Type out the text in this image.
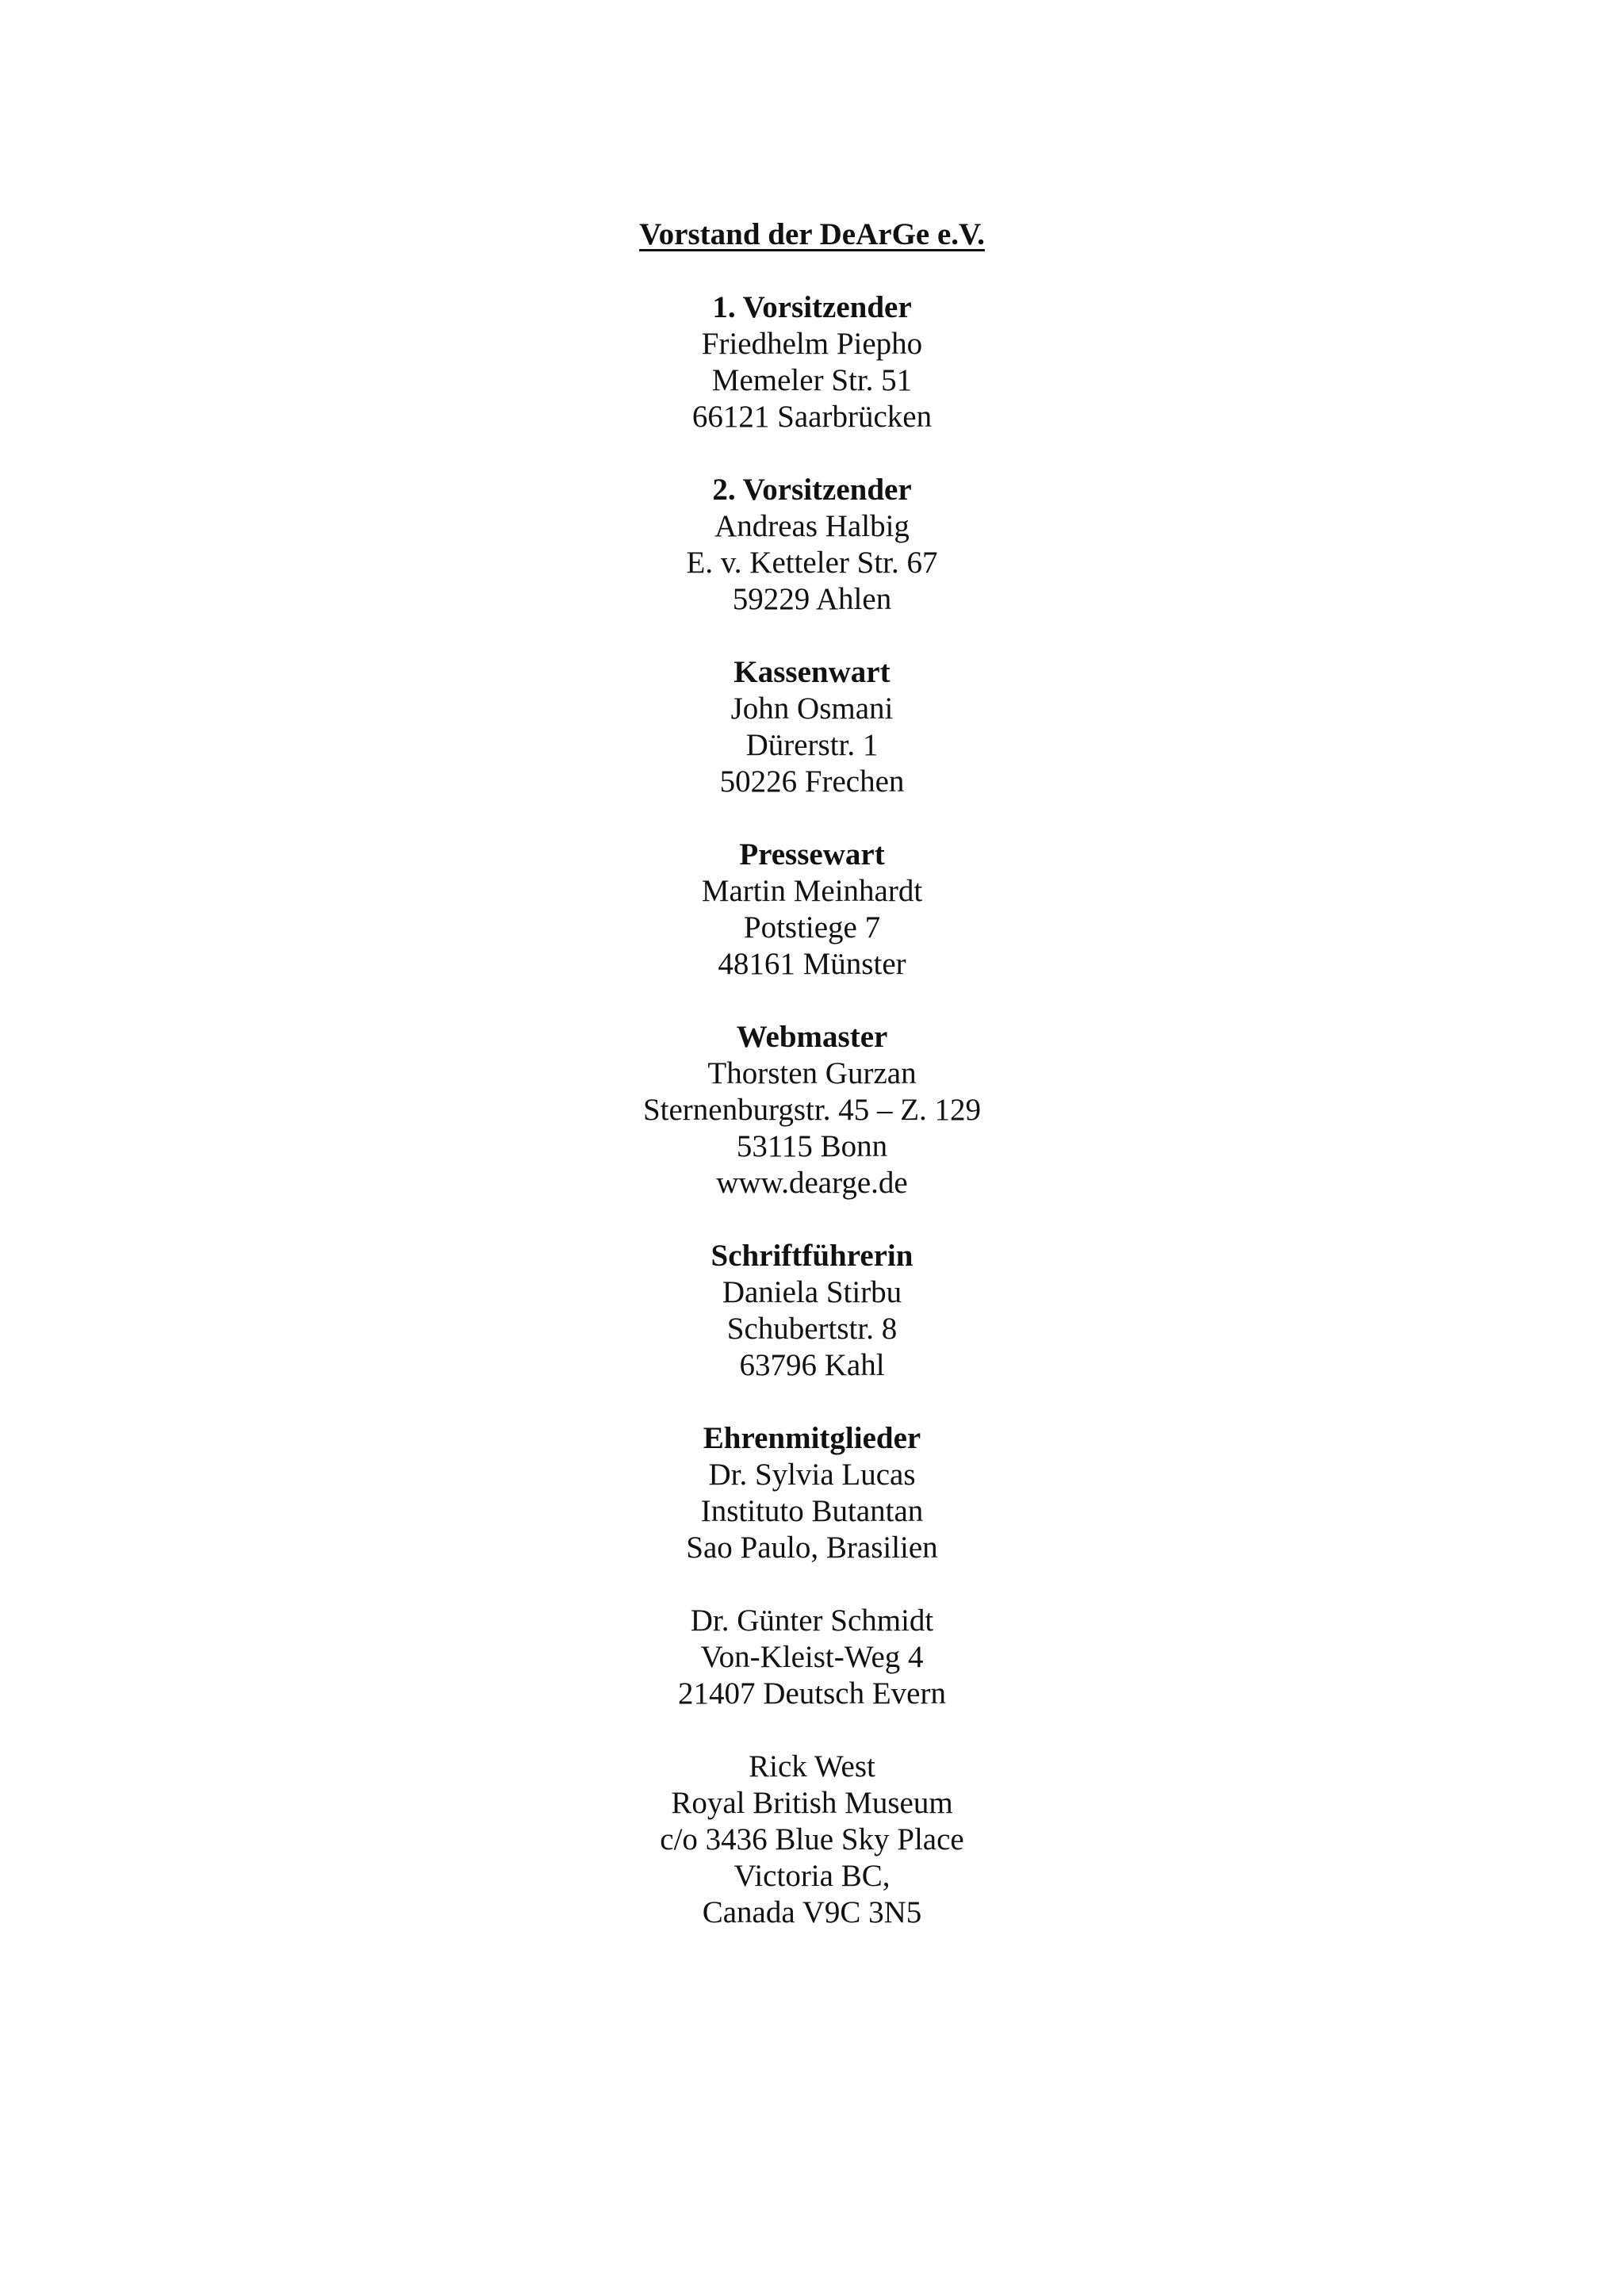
Vorstand der DeArGe e.V.
1. Vorsitzender
Friedhelm Piepho
Memeler Str. 51
66121 Saarbrücken
2. Vorsitzender
Andreas Halbig
E. v. Ketteler Str. 67
59229 Ahlen
Kassenwart
John Osmani
Dürerstr. 1
50226 Frechen
Pressewart
Martin Meinhardt
Potstiege 7
48161 Münster
Webmaster
Thorsten Gurzan
Sternenburgstr. 45 – Z. 129
53115 Bonn
www.dearge.de
Schriftführerin
Daniela Stirbu
Schubertstr. 8
63796 Kahl
Ehrenmitglieder
Dr. Sylvia Lucas
Instituto Butantan
Sao Paulo, Brasilien
Dr. Günter Schmidt
Von-Kleist-Weg 4
21407 Deutsch Evern
Rick West
Royal British Museum
c/o 3436 Blue Sky Place
Victoria BC,
Canada V9C 3N5
